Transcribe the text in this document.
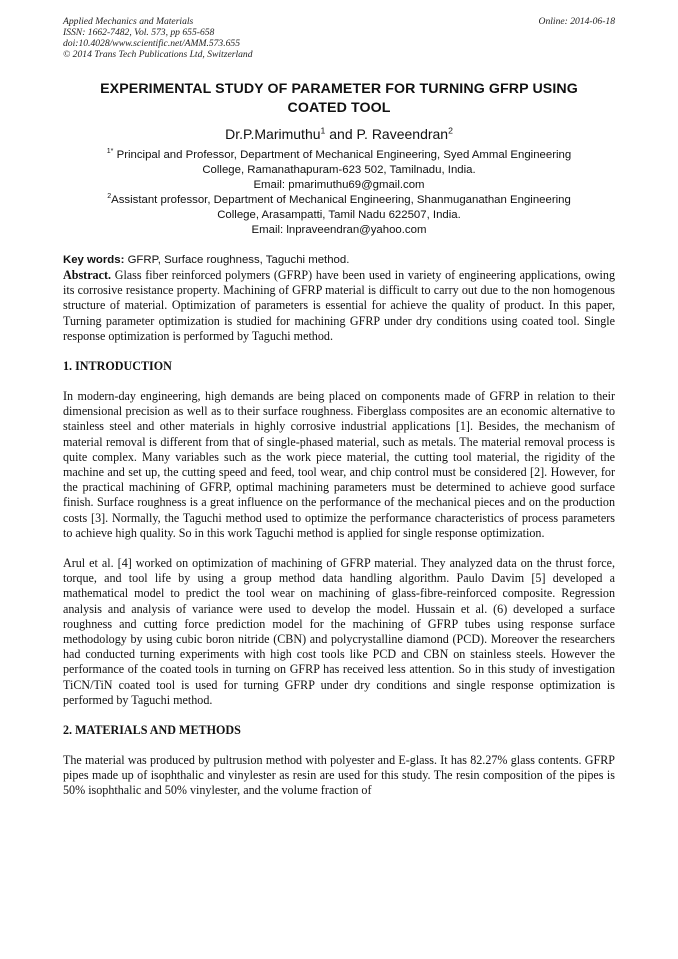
Applied Mechanics and Materials
ISSN: 1662-7482, Vol. 573, pp 655-658
doi:10.4028/www.scientific.net/AMM.573.655
© 2014 Trans Tech Publications Ltd, Switzerland
Online: 2014-06-18
EXPERIMENTAL STUDY OF PARAMETER FOR TURNING GFRP USING
COATED TOOL
Dr.P.Marimuthu$^1$ and P. Raveendran$^2$
$^{1*}$ Principal and Professor, Department of Mechanical Engineering, Syed Ammal Engineering
College, Ramanathapuram-623 502, Tamilnadu, India.
Email: pmarimuthu69@gmail.com
$^2$Assistant professor, Department of Mechanical Engineering, Shanmuganathan Engineering
College, Arasampatti, Tamil Nadu 622507, India.
Email: lnpraveendran@yahoo.com
Key words: GFRP, Surface roughness, Taguchi method.

Abstract. Glass fiber reinforced polymers (GFRP) have been used in variety of engineering applications, owing its corrosive resistance property. Machining of GFRP material is difficult to carry out due to the non homogenous structure of material. Optimization of parameters is essential for achieve the quality of product. In this paper, Turning parameter optimization is studied for machining GFRP under dry conditions using coated tool. Single response optimization is performed by Taguchi method.

1. INTRODUCTION

In modern-day engineering, high demands are being placed on components made of GFRP in relation to their dimensional precision as well as to their surface roughness. Fiberglass composites are an economic alternative to stainless steel and other materials in highly corrosive industrial applications [1]. Besides, the mechanism of material removal is different from that of single-phased material, such as metals. The material removal process is quite complex. Many variables such as the work piece material, the cutting tool material, the rigidity of the machine and set up, the cutting speed and feed, tool wear, and chip control must be considered [2]. However, for the practical machining of GFRP, optimal machining parameters must be determined to achieve good surface finish. Surface roughness is a great influence on the performance of the mechanical pieces and on the production costs [3]. Normally, the Taguchi method used to optimize the performance characteristics of process parameters to achieve high quality. So in this work Taguchi method is applied for single response optimization.

Arul et al. [4] worked on optimization of machining of GFRP material. They analyzed data on the thrust force, torque, and tool life by using a group method data handling algorithm. Paulo Davim [5] developed a mathematical model to predict the tool wear on machining of glass-fibre-reinforced composite. Regression analysis and analysis of variance were used to develop the model. Hussain et al. (6) developed a surface roughness and cutting force prediction model for the machining of GFRP tubes using response surface methodology by using cubic boron nitride (CBN) and polycrystalline diamond (PCD). Moreover the researchers had conducted turning experiments with high cost tools like PCD and CBN on stainless steels. However the performance of the coated tools in turning on GFRP has received less attention. So in this study of investigation TiCN/TiN coated tool is used for turning GFRP under dry conditions and single response optimization is performed by Taguchi method.

2. MATERIALS AND METHODS

The material was produced by pultrusion method with polyester and E-glass. It has 82.27% glass contents. GFRP pipes made up of isophthalic and vinylester as resin are used for this study. The resin composition of the pipes is 50% isophthalic and 50% vinylester, and the volume fraction of
